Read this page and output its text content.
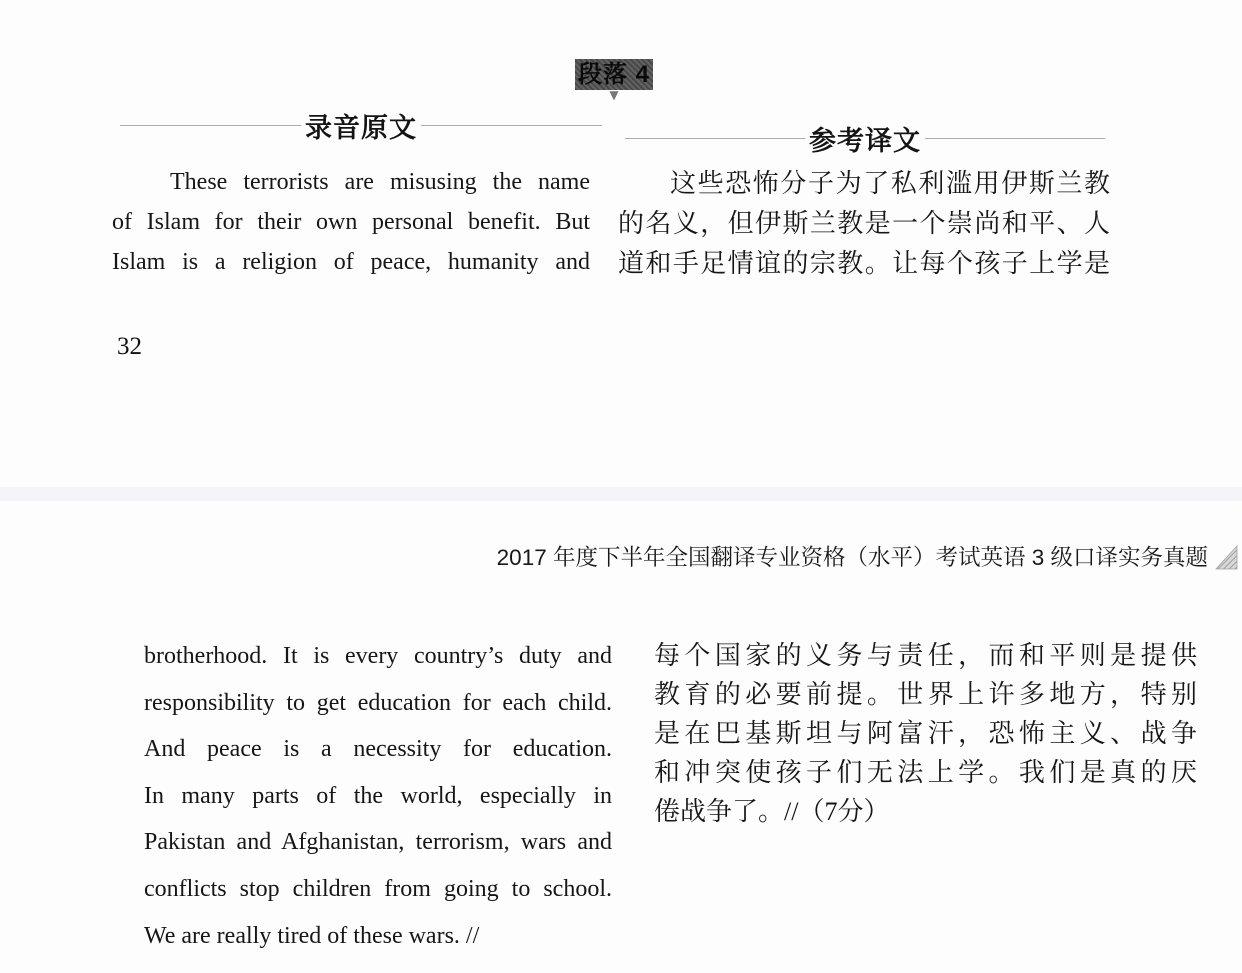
段落 4
▼
录音原文	参考译文
These terrorists are misusing the name
of Islam for their own personal benefit. But
Islam is a religion of peace, humanity and
这些恐怖分子为了私利滥用伊斯兰教
的名义，但伊斯兰教是一个崇尚和平、人
道和手足情谊的宗教。让每个孩子上学是
32
2017 年度下半年全国翻译专业资格（水平）考试英语 3 级口译实务真题
brotherhood. It is every country’s duty and
responsibility to get education for each child.
And peace is a necessity for education.
In many parts of the world, especially in
Pakistan and Afghanistan, terrorism, wars and
conflicts stop children from going to school.
We are really tired of these wars. //
每个国家的义务与责任，而和平则是提供
教育的必要前提。世界上许多地方，特别
是在巴基斯坦与阿富汗，恐怖主义、战争
和冲突使孩子们无法上学。我们是真的厌
倦战争了。//（7分）
